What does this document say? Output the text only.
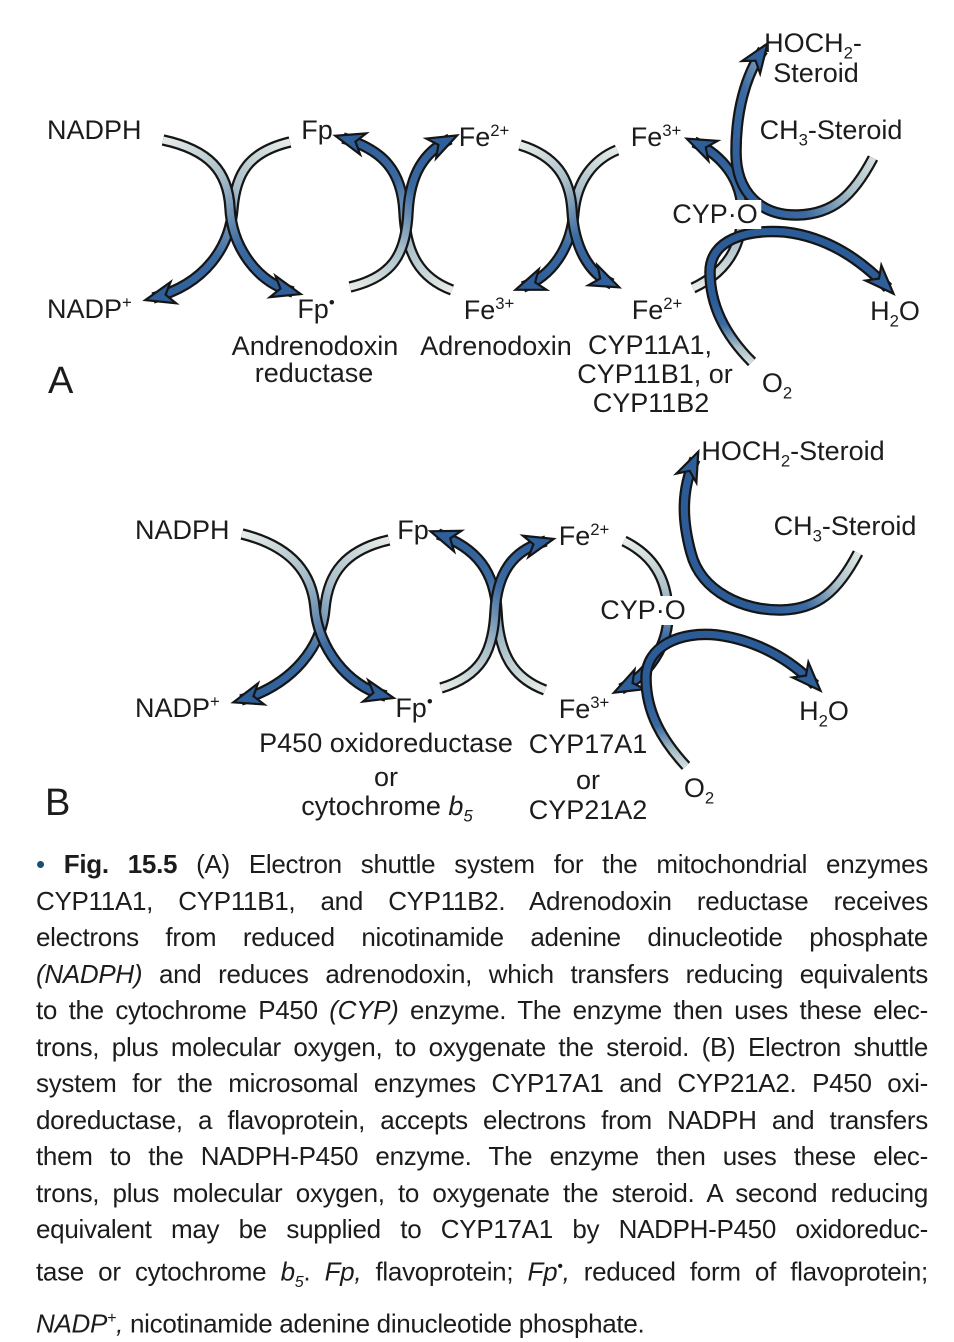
NADPH	Fp	$Fe^{2+}$	$Fe^{3+}$
$HOCH_2-$
Steroid
$CH_3$-Steroid
CYP·O
NADP+	Fp•	$Fe^{3+}$	$Fe^{2+}$	$H_2O$
$O_2$
Andrenodoxin
reductase
Adrenodoxin CYP11A1,
CYP11B1, or
CYP11B2
A
NADPH	Fp	$Fe^{2+}$
$HOCH_2$-Steroid
$CH_3$-Steroid
CYP·O
NADP+	Fp•	$Fe^{3+}$	$H_2O$
$O_2$
P450 oxidoreductase
or
cytochrome $b_5$
CYP17A1
or
CYP21A2
B
• Fig. 15.5 (A) Electron shuttle system for the mitochondrial enzymes
CYP11A1, CYP11B1, and CYP11B2. Adrenodoxin reductase receives
electrons from reduced nicotinamide adenine dinucleotide phosphate
(NADPH) and reduces adrenodoxin, which transfers reducing equivalents
to the cytochrome P450 (CYP) enzyme. The enzyme then uses these elec-
trons, plus molecular oxygen, to oxygenate the steroid. (B) Electron shuttle
system for the microsomal enzymes CYP17A1 and CYP21A2. P450 oxi-
doreductase, a flavoprotein, accepts electrons from NADPH and transfers
them to the NADPH-P450 enzyme. The enzyme then uses these elec-
trons, plus molecular oxygen, to oxygenate the steroid. A second reducing
equivalent may be supplied to CYP17A1 by NADPH-P450 oxidoreduc-
tase or cytochrome $b_5$. Fp, flavoprotein; Fp•, reduced form of flavoprotein;
NADP+, nicotinamide adenine dinucleotide phosphate.
